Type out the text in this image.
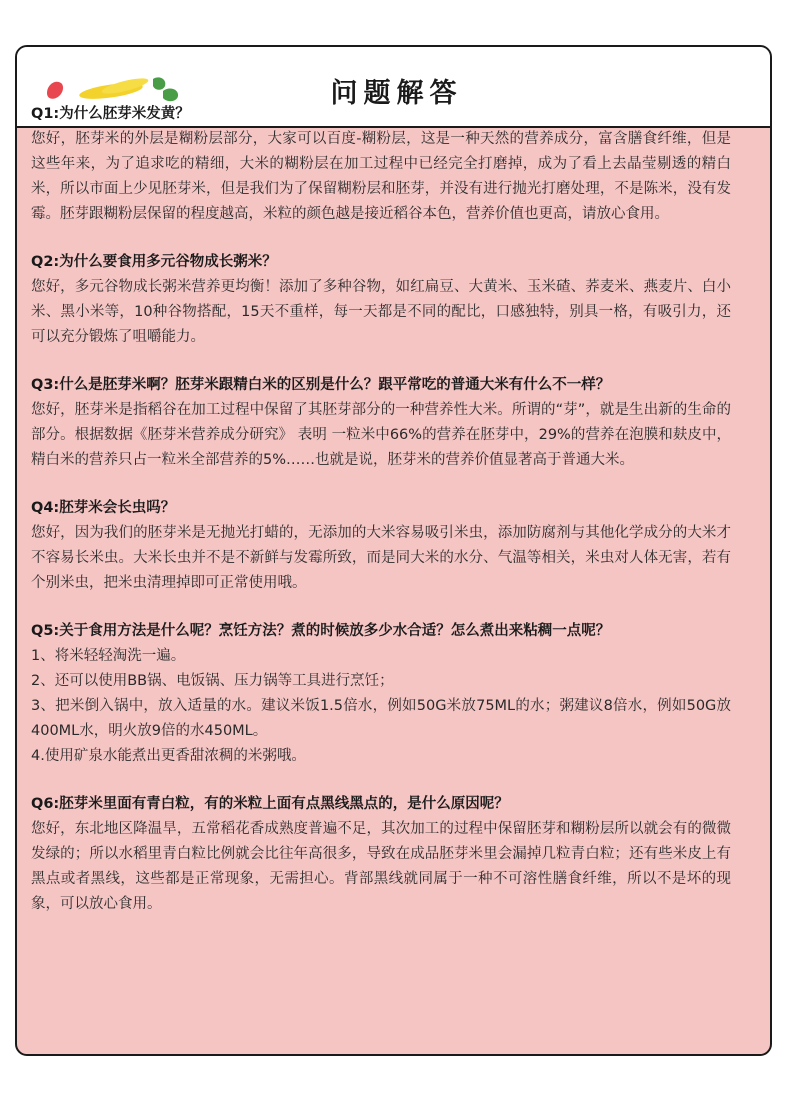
问题解答
Q1:为什么胚芽米发黄？
您好，胚芽米的外层是糊粉层部分，大家可以百度-糊粉层，这是一种天然的营养成分，富含膳食纤维，但是这些年来，为了追求吃的精细，大米的糊粉层在加工过程中已经完全打磨掉，成为了看上去晶莹剔透的精白米，所以市面上少见胚芽米，但是我们为了保留糊粉层和胚芽，并没有进行抛光打磨处理，不是陈米，没有发霉。胚芽跟糊粉层保留的程度越高，米粒的颜色越是接近稻谷本色，营养价值也更高，请放心食用。
Q2:为什么要食用多元谷物成长粥米？
您好，多元谷物成长粥米营养更均衡！添加了多种谷物，如红扁豆、大黄米、玉米碴、荞麦米、燕麦片、白小米、黑小米等，10种谷物搭配，15天不重样，每一天都是不同的配比，口感独特，别具一格，有吸引力，还可以充分锻炼了咀嚼能力。
Q3:什么是胚芽米啊？胚芽米跟精白米的区别是什么？跟平常吃的普通大米有什么不一样？
您好，胚芽米是指稻谷在加工过程中保留了其胚芽部分的一种营养性大米。所谓的“芽”，就是生出新的生命的部分。根据数据《胚芽米营养成分研究》 表明 一粒米中66%的营养在胚芽中，29%的营养在泡膜和麸皮中，精白米的营养只占一粒米全部营养的5%……也就是说，胚芽米的营养价值显著高于普通大米。
Q4:胚芽米会长虫吗？
您好，因为我们的胚芽米是无抛光打蜡的，无添加的大米容易吸引米虫，添加防腐剂与其他化学成分的大米才不容易长米虫。大米长虫并不是不新鲜与发霉所致，而是同大米的水分、气温等相关，米虫对人体无害，若有个别米虫，把米虫清理掉即可正常使用哦。
Q5:关于食用方法是什么呢？烹饪方法？煮的时候放多少水合适？怎么煮出来粘稠一点呢？
1、将米轻轻淘洗一遍。
2、还可以使用BB锅、电饭锅、压力锅等工具进行烹饪；
3、把米倒入锅中，放入适量的水。建议米饭1.5倍水，例如50G米放75ML的水；粥建议8倍水，例如50G放400ML水，明火放9倍的水450ML。
4.使用矿泉水能煮出更香甜浓稠的米粥哦。
Q6:胚芽米里面有青白粒，有的米粒上面有点黑线黑点的，是什么原因呢？
您好，东北地区降温旱，五常稻花香成熟度普遍不足，其次加工的过程中保留胚芽和糊粉层所以就会有的微微发绿的；所以水稻里青白粒比例就会比往年高很多，导致在成品胚芽米里会漏掉几粒青白粒；还有些米皮上有黑点或者黑线，这些都是正常现象，无需担心。背部黑线就同属于一种不可溶性膳食纤维，所以不是坏的现象，可以放心食用。
